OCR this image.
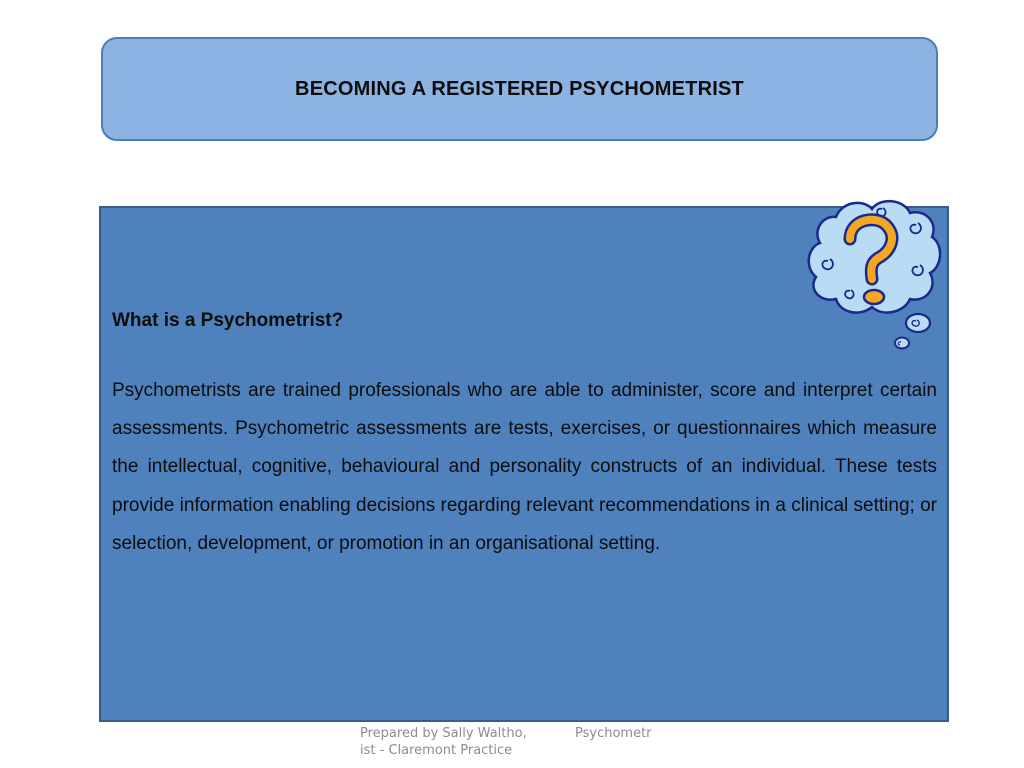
BECOMING A REGISTERED PSYCHOMETRIST
What is a Psychometrist?

Psychometrists are trained professionals who are able to administer, score and interpret certain assessments. Psychometric assessments are tests, exercises, or questionnaires which measure the intellectual, cognitive, behavioural and personality constructs of an individual. These tests provide information enabling decisions regarding relevant recommendations in a clinical setting; or selection, development, or promotion in an organisational setting.

Prepared by Sally Waltho,	Psychometr
ist - Claremont Practice
